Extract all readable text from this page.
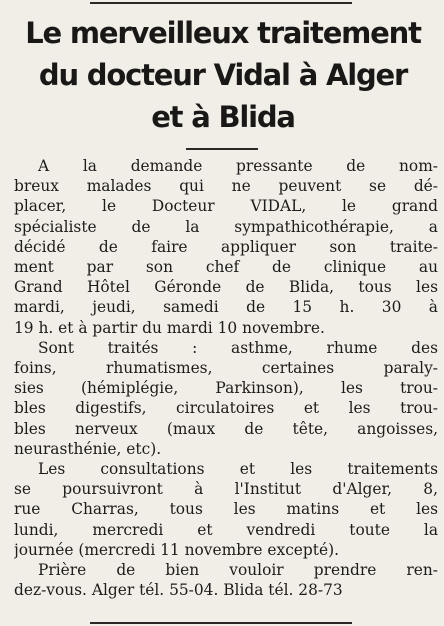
Le merveilleux traitement
du docteur Vidal à Alger
et à Blida

A la demande pressante de nom-
breux malades qui ne peuvent se dé-
placer, le Docteur VIDAL, le grand
spécialiste de la sympathicothérapie, a
décidé de faire appliquer son traite-
ment par son chef de clinique au
Grand Hôtel Géronde de Blida, tous les
mardi, jeudi, samedi de 15 h. 30 à
19 h. et à partir du mardi 10 novembre.

Sont traités : asthme, rhume des
foins, rhumatismes, certaines paraly-
sies (hémiplégie, Parkinson), les trou-
bles digestifs, circulatoires et les trou-
bles nerveux (maux de tête, angoisses,
neurasthénie, etc).

Les consultations et les traitements
se poursuivront à l'Institut d'Alger, 8,
rue Charras, tous les matins et les
lundi, mercredi et vendredi toute la
journée (mercredi 11 novembre excepté).

Prière de bien vouloir prendre ren-
dez-vous. Alger tél. 55-04. Blida tél. 28-73
